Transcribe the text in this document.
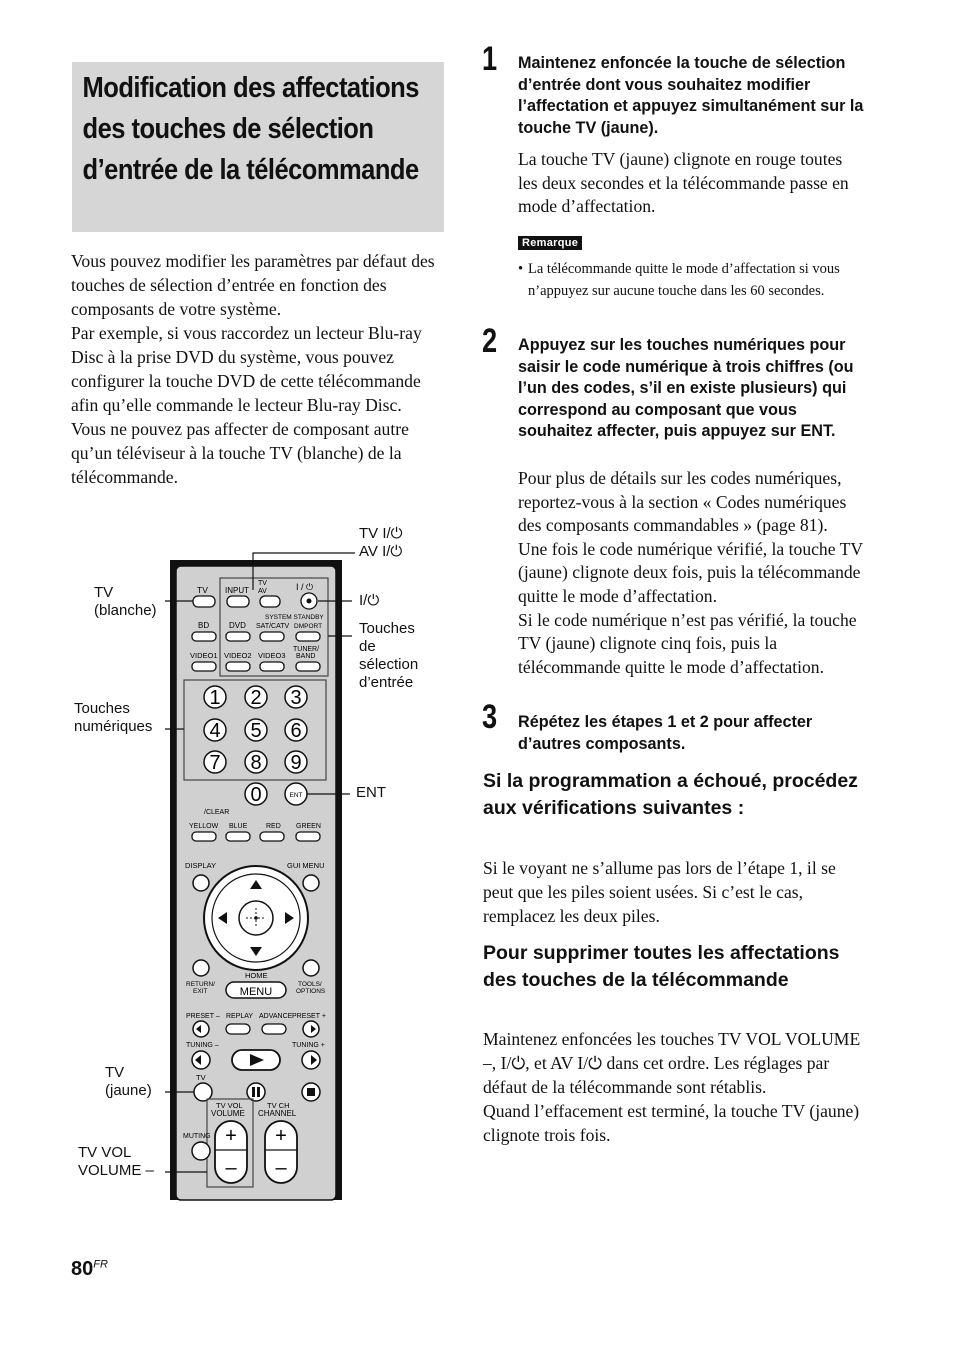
Modification des affectations des touches de sélection d’entrée de la télécommande

Vous pouvez modifier les paramètres par défaut des touches de sélection d’entrée en fonction des composants de votre système.

Par exemple, si vous raccordez un lecteur Blu-ray Disc à la prise DVD du système, vous pouvez configurer la touche DVD de cette télécommande afin qu’elle commande le lecteur Blu-ray Disc.

Vous ne pouvez pas affecter de composant autre qu’un téléviseur à la touche TV (blanche) de la télécommande.

TV INPUT
TV
AV	I / ⏻
SYSTEM STANDBY
BD DVD SAT/CATV DMPORT
TUNER/
BAND
VIDEO1 VIDEO2 VIDEO3
1 2 3
4 5 6
7 8 9
0
/CLEAR
ENT
YELLOW BLUE	RED GREEN
DISPLAY	GUI MENU
HOME
MENU
RETURN/
EXIT
TOOLS/
OPTIONS
PRESET – REPLAY ADVANCE PRESET +
TUNING –	TUNING +
TV
TV VOL
VOLUME
TV CH
CHANNEL
+
–
+
–
MUTING
TV I/⏻
AV I/⏻
TV
(blanche)
I/⏻
Touches
de
sélection
d’entrée
Touches
numériques
ENT
TV
(jaune)
TV VOL
VOLUME –
1 Maintenez enfoncée la touche de sélection d’entrée dont vous souhaitez modifier l’affectation et appuyez simultanément sur la touche TV (jaune).

La touche TV (jaune) clignote en rouge toutes les deux secondes et la télécommande passe en mode d’affectation.

Remarque
• La télécommande quitte le mode d’affectation si vous n’appuyez sur aucune touche dans les 60 secondes.
2 Appuyez sur les touches numériques pour saisir le code numérique à trois chiffres (ou l’un des codes, s’il en existe plusieurs) qui correspond au composant que vous souhaitez affecter, puis appuyez sur ENT.

Pour plus de détails sur les codes numériques, reportez-vous à la section « Codes numériques des composants commandables » (page 81).

Une fois le code numérique vérifié, la touche TV (jaune) clignote deux fois, puis la télécommande quitte le mode d’affectation.

Si le code numérique n’est pas vérifié, la touche TV (jaune) clignote cinq fois, puis la télécommande quitte le mode d’affectation.

3 Répétez les étapes 1 et 2 pour affecter d’autres composants.
Si la programmation a échoué, procédez aux vérifications suivantes :

Si le voyant ne s’allume pas lors de l’étape 1, il se peut que les piles soient usées. Si c’est le cas, remplacez les deux piles.

Pour supprimer toutes les affectations des touches de la télécommande

Maintenez enfoncées les touches TV VOL VOLUME –, I/⏻, et AV I/⏻ dans cet ordre. Les réglages par défaut de la télécommande sont rétablis.

Quand l’effacement est terminé, la touche TV (jaune) clignote trois fois.

$80^{FR}$
